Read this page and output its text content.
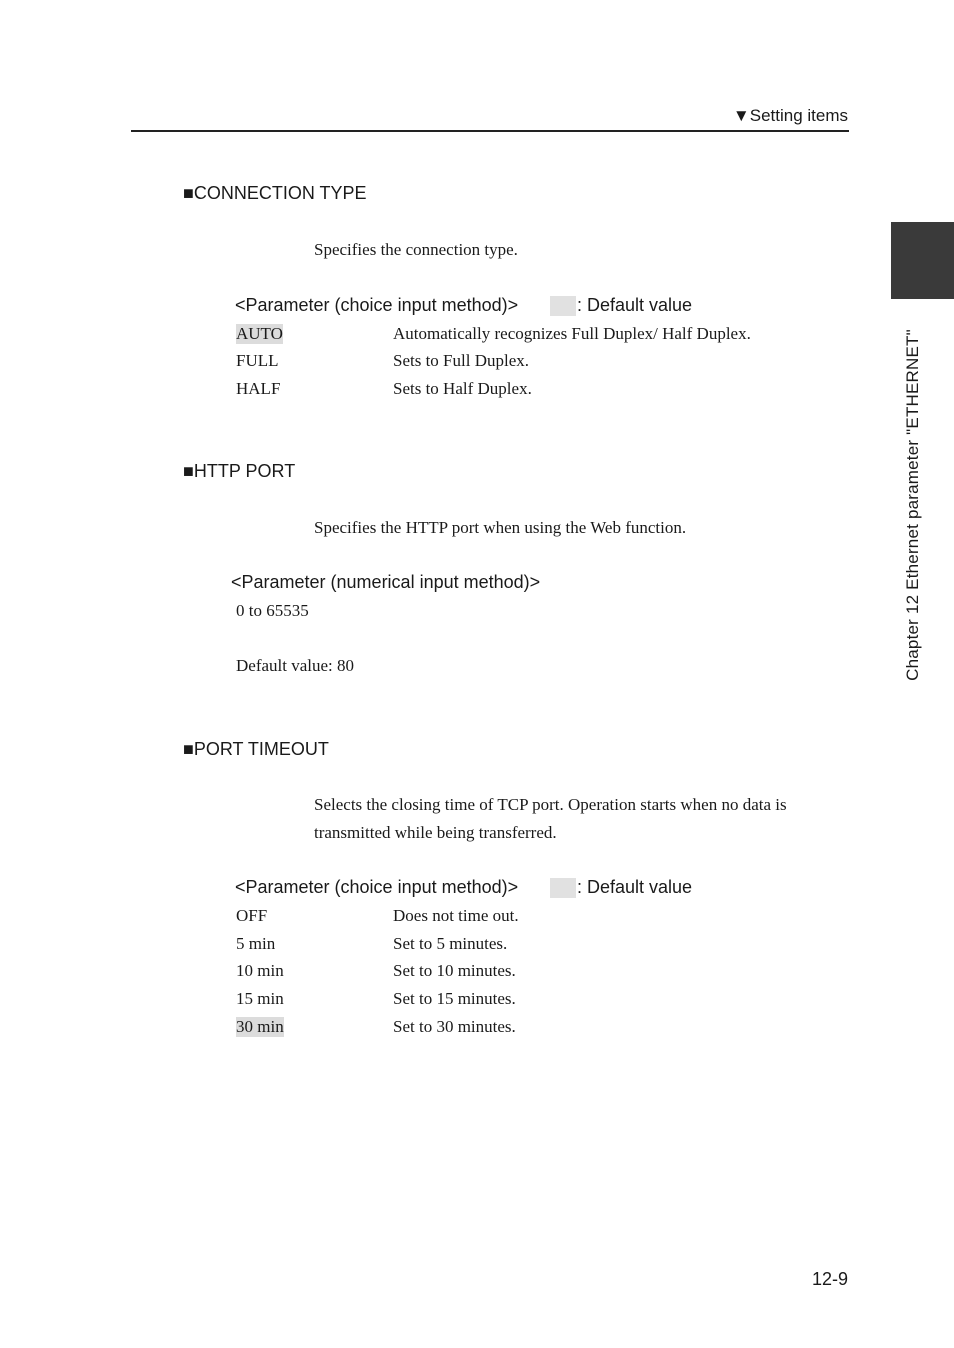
▼Setting items
Chapter 12 Ethernet parameter "ETHERNET"
■CONNECTION TYPE
Specifies the connection type.
<Parameter (choice input method)>	: Default value
AUTO	Automatically recognizes Full Duplex/ Half Duplex.
FULL	Sets to Full Duplex.
HALF	Sets to Half Duplex.
■HTTP PORT
Specifies the HTTP port when using the Web function.
<Parameter (numerical input method)>
0 to 65535
Default value: 80
■PORT TIMEOUT
Selects the closing time of TCP port. Operation starts when no data is transmitted while being transferred.
<Parameter (choice input method)>	: Default value
OFF	Does not time out.
5 min	Set to 5 minutes.
10 min	Set to 10 minutes.
15 min	Set to 15 minutes.
30 min	Set to 30 minutes.
12-9
